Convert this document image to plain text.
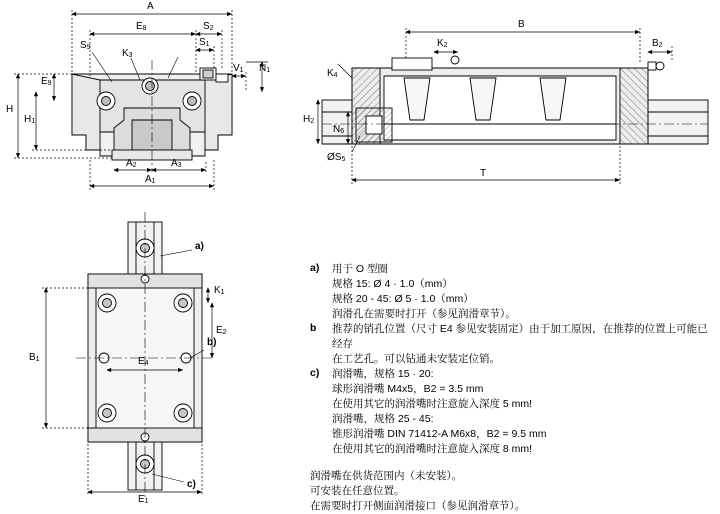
A
$E_8$	$S_2$
$S_9$
$K_3$
$S_1$
$E_9$
$V_1$ $N_1$
H
$H_1$
$A_2$	$A_3$
$A_1$
B
$K_2$	$B_2$
$K_4$
$H_2$
$N_6$
$ØS_5$
T
a)
b)
c)
$K_1$
$B_1$
$E_2$
$E_4$
$E_1$
a) 用于 O 型圈
规格 15: Ø 4 · 1.0（mm）
规格 20 - 45: Ø 5 · 1.0（mm）
润滑孔在需要时打开（参见润滑章节）。
b 推荐的销孔位置（尺寸 E4 参见安装固定）由于加工原因，在推荐的位置上可能已经存
在工艺孔。可以钻通未安装定位销。
c) 润滑嘴，规格 15 · 20:
球形润滑嘴 M4x5，B2 = 3.5 mm
在使用其它的润滑嘴时注意旋入深度 5 mm!
润滑嘴，规格 25 - 45:
锥形润滑嘴 DIN 71412-A M6x8，B2 = 9.5 mm
在使用其它的润滑嘴时注意旋入深度 8 mm!
润滑嘴在供货范围内（未安装）。
可安装在任意位置。
在需要时打开侧面润滑接口（参见润滑章节）。
